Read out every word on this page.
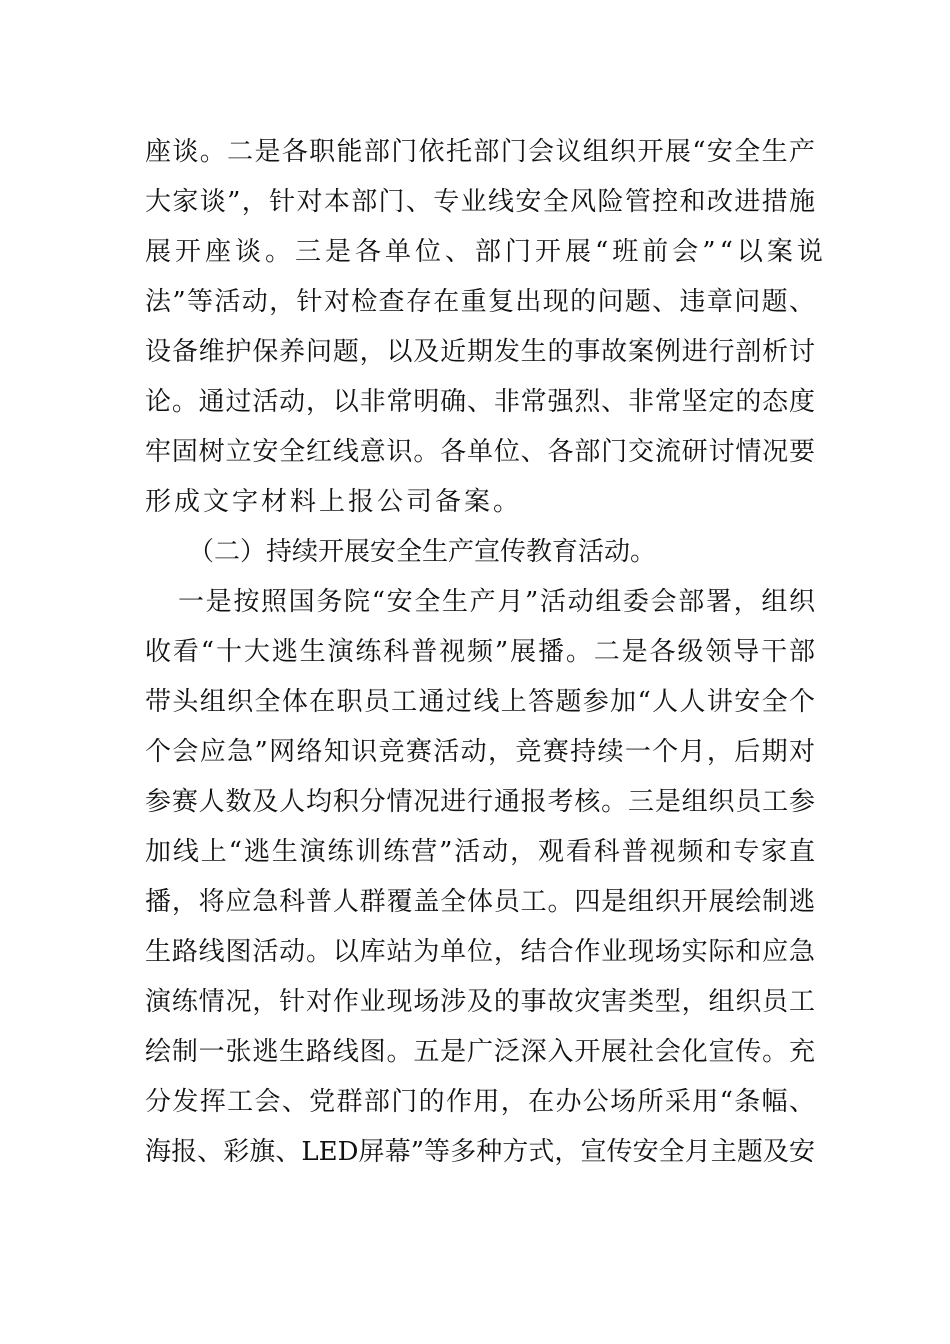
座谈。二是各职能部门依托部门会议组织开展“安全生产
大家谈”，针对本部门、专业线安全风险管控和改进措施
展开座谈。三是各单位、部门开展“班前会”“以案说
法”等活动，针对检查存在重复出现的问题、违章问题、
设备维护保养问题，以及近期发生的事故案例进行剖析讨
论。通过活动，以非常明确、非常强烈、非常坚定的态度
牢固树立安全红线意识。各单位、各部门交流研讨情况要
形成文字材料上报公司备案。
（二）持续开展安全生产宣传教育活动。
一是按照国务院“安全生产月”活动组委会部署，组织
收看“十大逃生演练科普视频”展播。二是各级领导干部
带头组织全体在职员工通过线上答题参加“人人讲安全个
个会应急”网络知识竞赛活动，竞赛持续一个月，后期对
参赛人数及人均积分情况进行通报考核。三是组织员工参
加线上“逃生演练训练营”活动，观看科普视频和专家直
播，将应急科普人群覆盖全体员工。四是组织开展绘制逃
生路线图活动。以库站为单位，结合作业现场实际和应急
演练情况，针对作业现场涉及的事故灾害类型，组织员工
绘制一张逃生路线图。五是广泛深入开展社会化宣传。充
分发挥工会、党群部门的作用，在办公场所采用“条幅、
海报、彩旗、LED屏幕”等多种方式，宣传安全月主题及安
